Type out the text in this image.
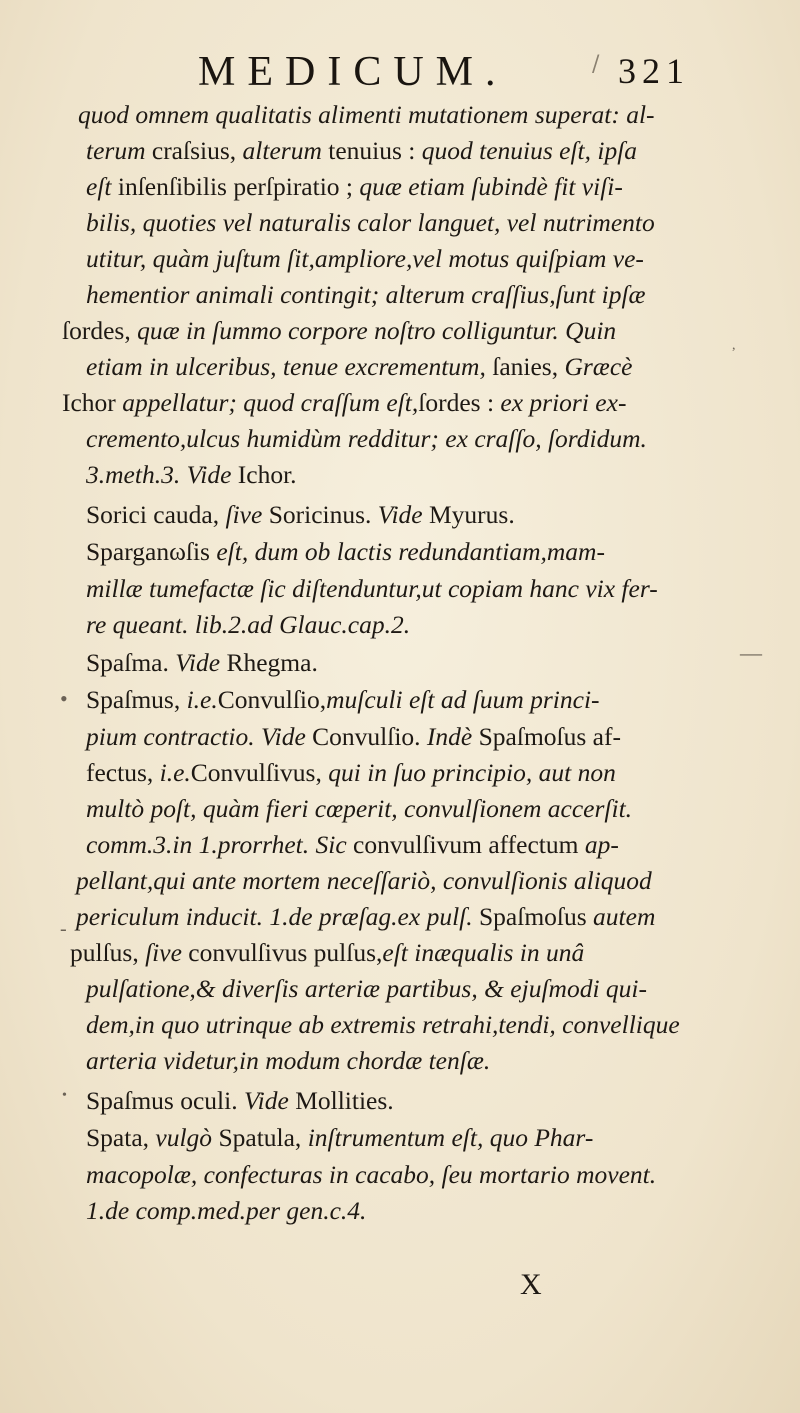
MEDICUM.	/ 321
quod omnem qualitatis alimenti mutationem superat: al-
terum craſsius, alterum tenuius : quod tenuius eſt, ipſa
eſt inſenſibilis perſpiratio ; quæ etiam ſubindè fit viſi-
bilis, quoties vel naturalis calor languet, vel nutrimento
utitur, quàm juſtum ſit,ampliore,vel motus quiſpiam ve-
hementior animali contingit; alterum craſſius,ſunt ipſæ
ſordes, quæ in ſummo corpore noſtro colliguntur. Quin
etiam in ulceribus, tenue excrementum, ſanies, Græcè
Ichor appellatur; quod craſſum eſt,ſordes : ex priori ex-
cremento,ulcus humidùm redditur; ex craſſo, ſordidum.
3.meth.3. Vide Ichor.
Sorici cauda, ſive Soricinus. Vide Myurus.
Sparganωſis eſt, dum ob lactis redundantiam,mam-
millæ tumefactæ ſic diſtenduntur,ut copiam hanc vix fer-
re queant. lib.2.ad Glauc.cap.2.
Spaſma. Vide Rhegma.
Spaſmus, i.e.Convulſio,muſculi eſt ad ſuum princi-
pium contractio. Vide Convulſio. Indè Spaſmoſus af-
fectus, i.e.Convulſivus, qui in ſuo principio, aut non
multò poſt, quàm fieri cœperit, convulſionem accerſit.
comm.3.in 1.prorrhet. Sic convulſivum affectum ap-
pellant,qui ante mortem neceſſariò, convulſionis aliquod
periculum inducit. 1.de præſag.ex pulſ. Spaſmoſus autem
pulſus, ſive convulſivus pulſus,eſt inæqualis in unâ
pulſatione,& diverſis arteriæ partibus, & ejuſmodi qui-
dem,in quo utrinque ab extremis retrahi,tendi, convellique
arteria videtur,in modum chordæ tenſæ.
Spaſmus oculi. Vide Mollities.
Spata, vulgò Spatula, inſtrumentum eſt, quo Phar-
macopolæ, confecturas in cacabo, ſeu mortario movent.
1.de comp.med.per gen.c.4.
X
,
—
•
-
•
